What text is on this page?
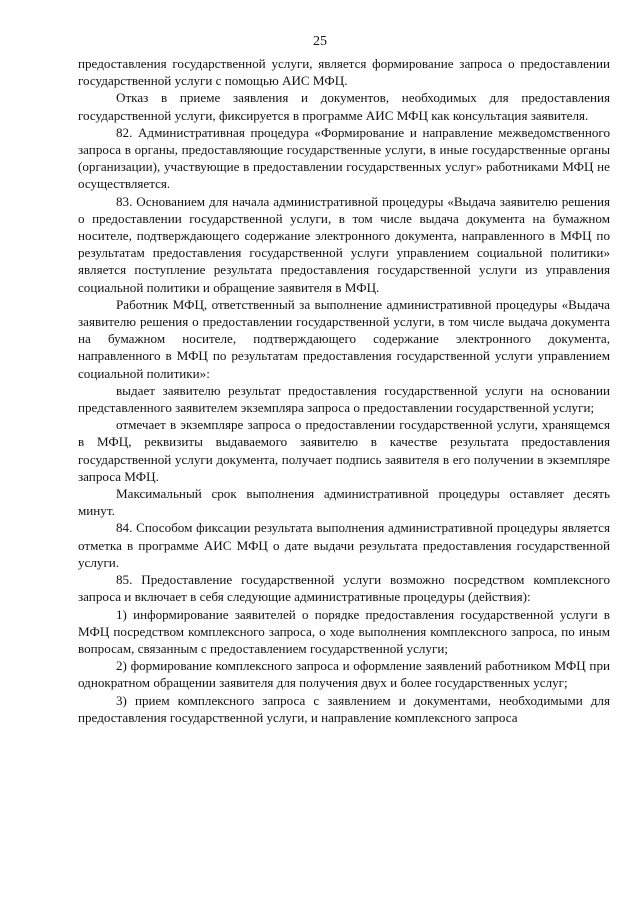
25

предоставления государственной услуги, является формирование запроса о предоставлении государственной услуги с помощью АИС МФЦ.

Отказ в приеме заявления и документов, необходимых для предоставления государственной услуги, фиксируется в программе АИС МФЦ как консультация заявителя.

82. Административная процедура «Формирование и направление межведомственного запроса в органы, предоставляющие государственные услуги, в иные государственные органы (организации), участвующие в предоставлении государственных услуг» работниками МФЦ не осуществляется.

83. Основанием для начала административной процедуры «Выдача заявителю решения о предоставлении государственной услуги, в том числе выдача документа на бумажном носителе, подтверждающего содержание электронного документа, направленного в МФЦ по результатам предоставления государственной услуги управлением социальной политики» является поступление результата предоставления государственной услуги из управления социальной политики и обращение заявителя в МФЦ.

Работник МФЦ, ответственный за выполнение административной процедуры «Выдача заявителю решения о предоставлении государственной услуги, в том числе выдача документа на бумажном носителе, подтверждающего содержание электронного документа, направленного в МФЦ по результатам предоставления государственной услуги управлением социальной политики»:

выдает заявителю результат предоставления государственной услуги на основании представленного заявителем экземпляра запроса о предоставлении государственной услуги;

отмечает в экземпляре запроса о предоставлении государственной услуги, хранящемся в МФЦ, реквизиты выдаваемого заявителю в качестве результата предоставления государственной услуги документа, получает подпись заявителя в его получении в экземпляре запроса МФЦ.

Максимальный срок выполнения административной процедуры оставляет десять минут.

84. Способом фиксации результата выполнения административной процедуры является отметка в программе АИС МФЦ о дате выдачи результата предоставления государственной услуги.

85. Предоставление государственной услуги возможно посредством комплексного запроса и включает в себя следующие административные процедуры (действия):

1) информирование заявителей о порядке предоставления государственной услуги в МФЦ посредством комплексного запроса, о ходе выполнения комплексного запроса, по иным вопросам, связанным с предоставлением государственной услуги;

2) формирование комплексного запроса и оформление заявлений работником МФЦ при однократном обращении заявителя для получения двух и более государственных услуг;

3) прием комплексного запроса с заявлением и документами, необходимыми для предоставления государственной услуги, и направление комплексного запроса
